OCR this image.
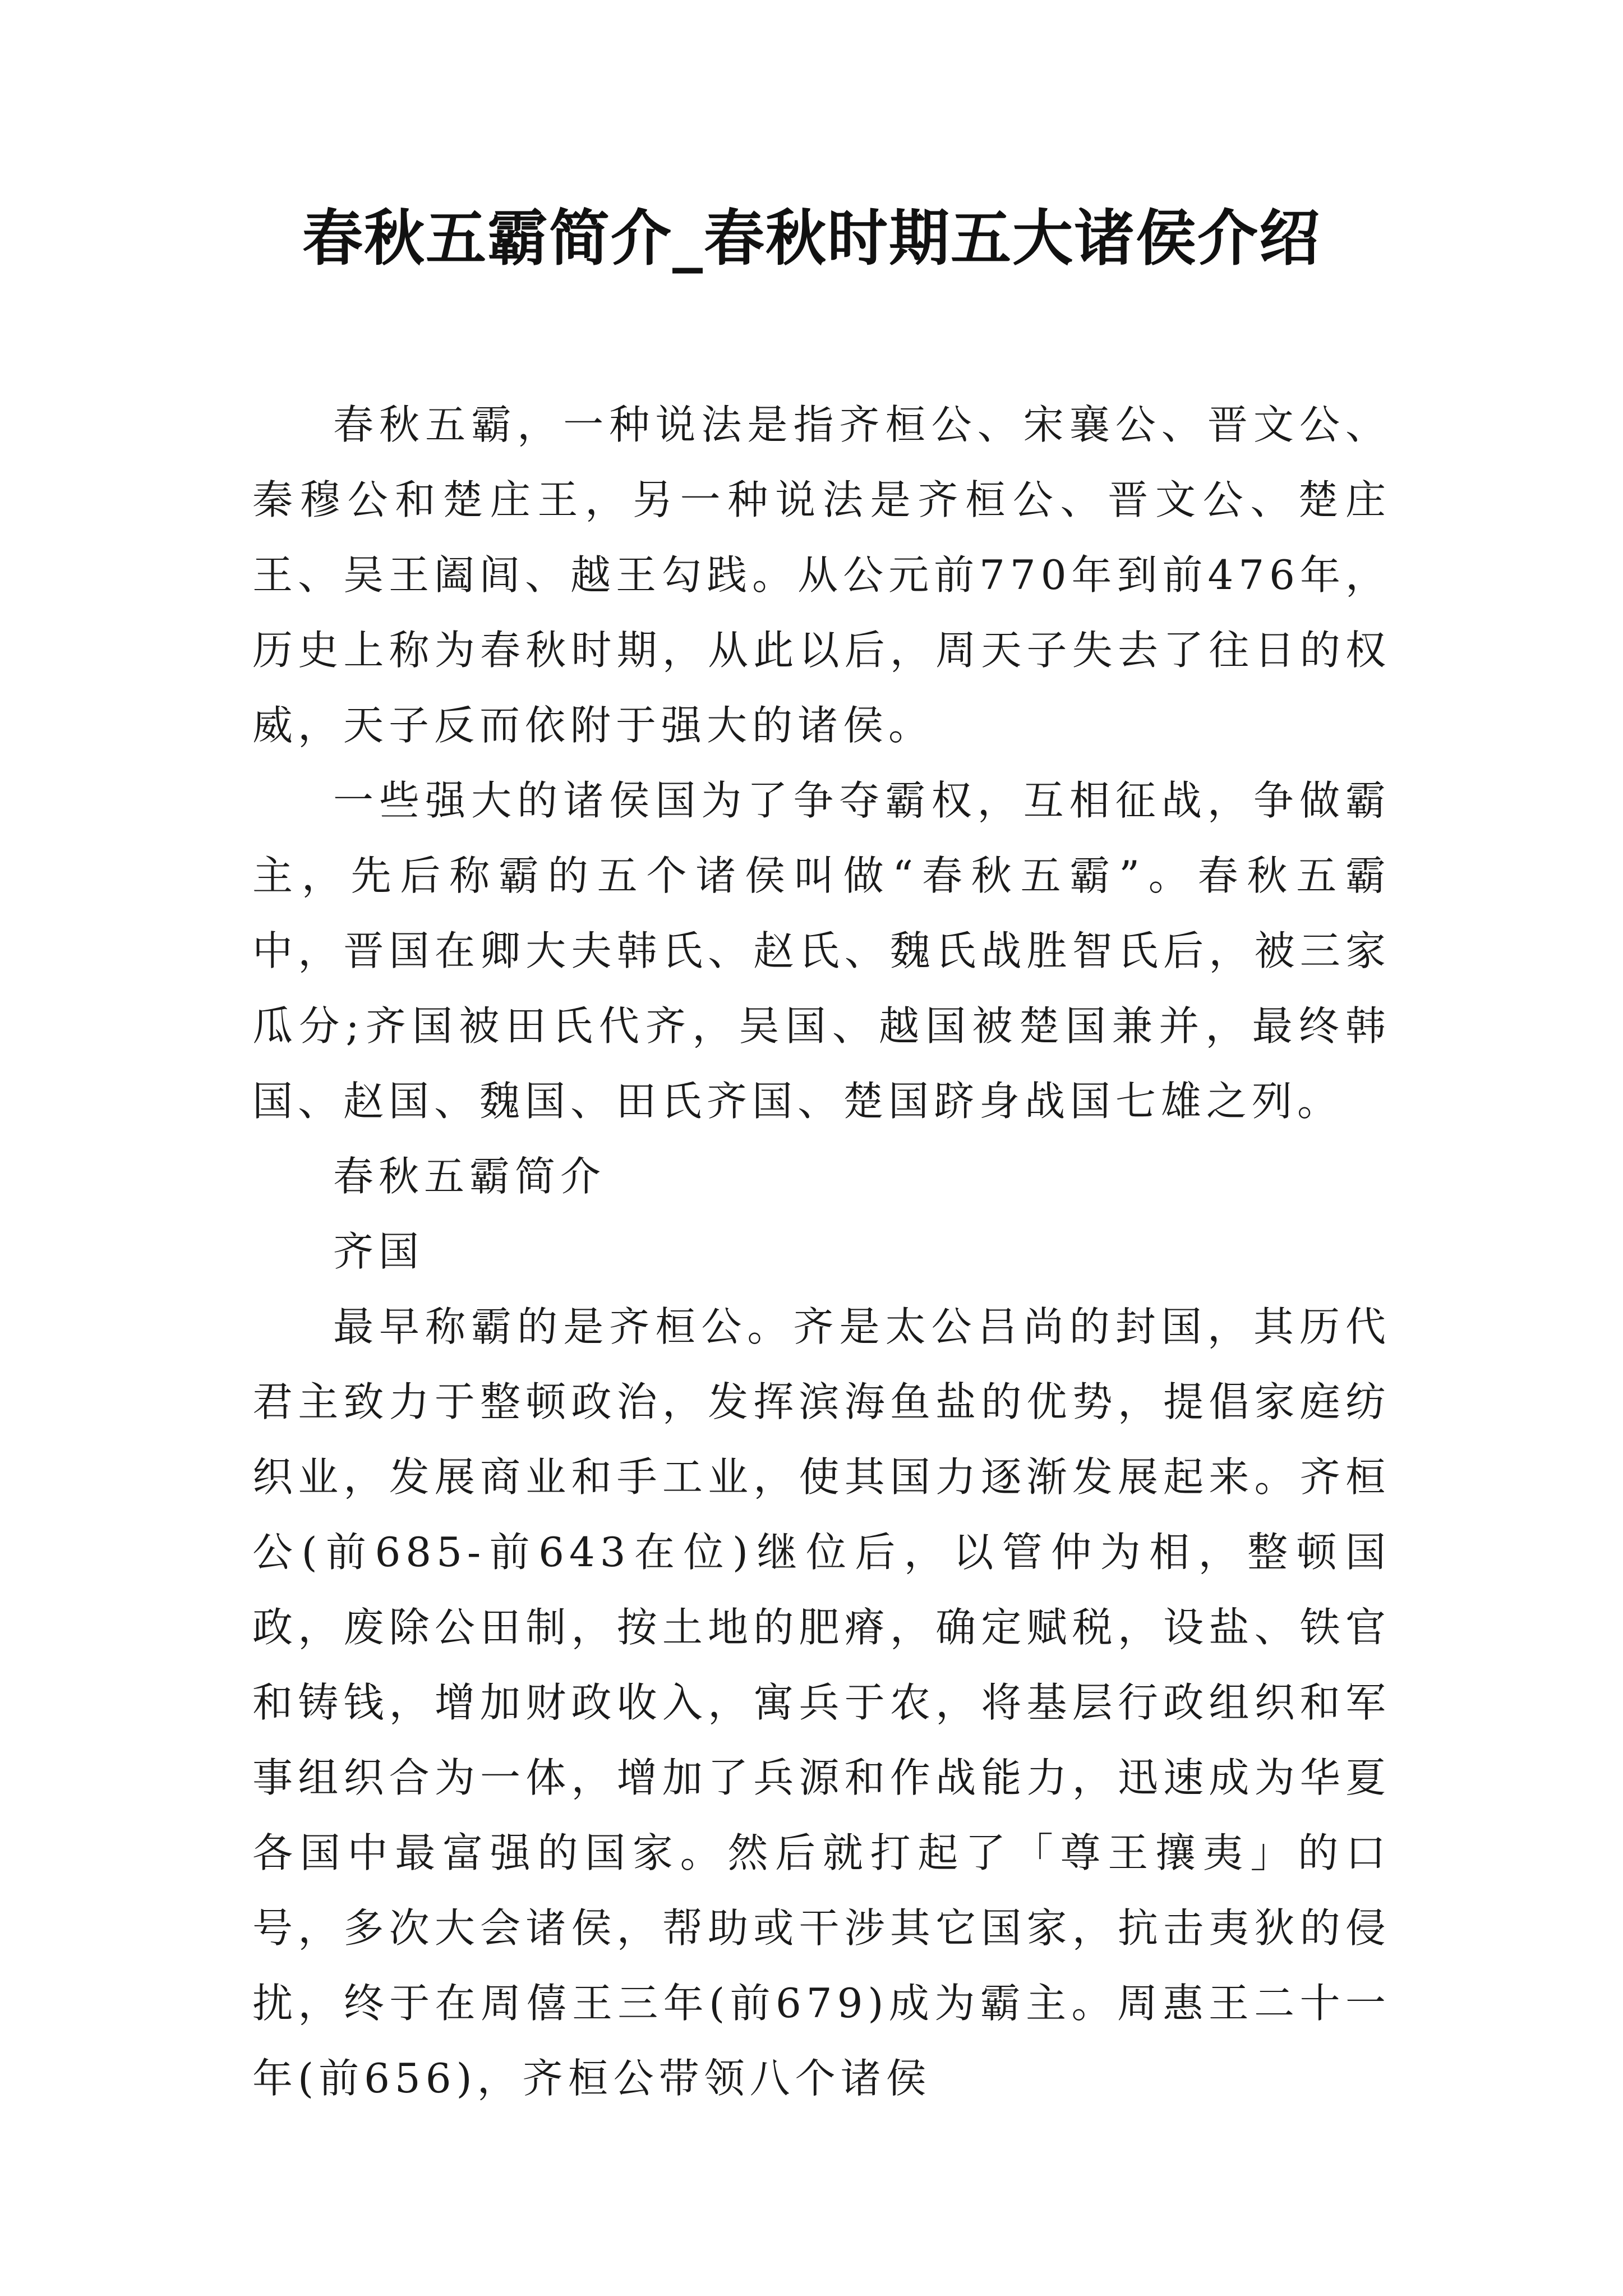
春秋五霸简介_春秋时期五大诸侯介绍

春秋五霸，一种说法是指齐桓公、宋襄公、晋文公、秦穆公和楚庄王，另一种说法是齐桓公、晋文公、楚庄王、吴王阖闾、越王勾践。从公元前770年到前476年，历史上称为春秋时期，从此以后，周天子失去了往日的权威，天子反而依附于强大的诸侯。

一些强大的诸侯国为了争夺霸权，互相征战，争做霸主，先后称霸的五个诸侯叫做“春秋五霸”。春秋五霸中，晋国在卿大夫韩氏、赵氏、魏氏战胜智氏后，被三家瓜分;齐国被田氏代齐，吴国、越国被楚国兼并，最终韩国、赵国、魏国、田氏齐国、楚国跻身战国七雄之列。

春秋五霸简介

齐国

最早称霸的是齐桓公。齐是太公吕尚的封国，其历代君主致力于整顿政治，发挥滨海鱼盐的优势，提倡家庭纺织业，发展商业和手工业，使其国力逐渐发展起来。齐桓公(前685-前643在位)继位后，以管仲为相，整顿国政，废除公田制，按土地的肥瘠，确定赋税，设盐、铁官和铸钱，增加财政收入，寓兵于农，将基层行政组织和军事组织合为一体，增加了兵源和作战能力，迅速成为华夏各国中最富强的国家。然后就打起了「尊王攘夷」的口号，多次大会诸侯，帮助或干涉其它国家，抗击夷狄的侵扰，终于在周僖王三年(前679)成为霸主。周惠王二十一年(前656)，齐桓公带领八个诸侯
